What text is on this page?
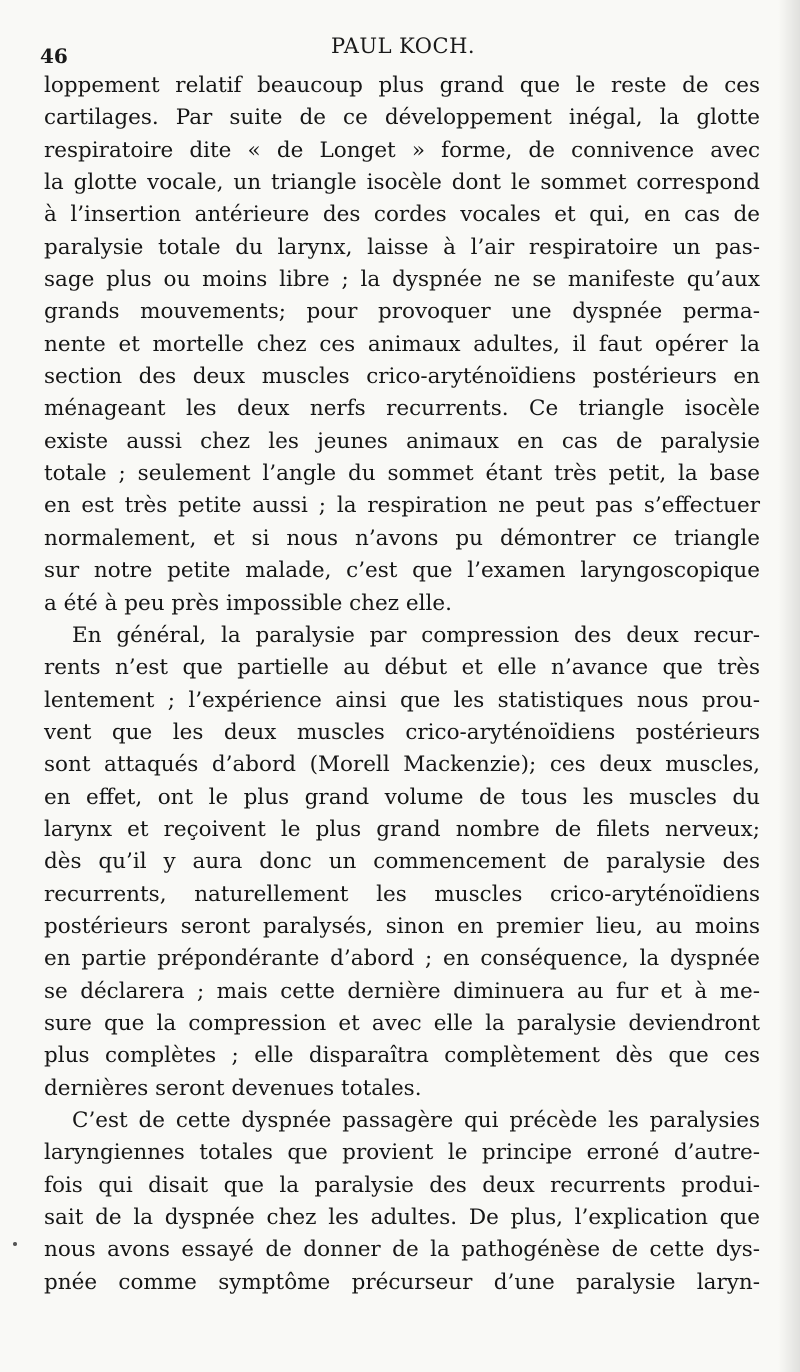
46	PAUL KOCH.
loppement relatif beaucoup plus grand que le reste de ces
cartilages. Par suite de ce développement inégal, la glotte
respiratoire dite « de Longet » forme, de connivence avec
la glotte vocale, un triangle isocèle dont le sommet correspond
à l’insertion antérieure des cordes vocales et qui, en cas de
paralysie totale du larynx, laisse à l’air respiratoire un pas-
sage plus ou moins libre ; la dyspnée ne se manifeste qu’aux
grands mouvements; pour provoquer une dyspnée perma-
nente et mortelle chez ces animaux adultes, il faut opérer la
section des deux muscles crico-aryténoïdiens postérieurs en
ménageant les deux nerfs recurrents. Ce triangle isocèle
existe aussi chez les jeunes animaux en cas de paralysie
totale ; seulement l’angle du sommet étant très petit, la base
en est très petite aussi ; la respiration ne peut pas s’effectuer
normalement, et si nous n’avons pu démontrer ce triangle
sur notre petite malade, c’est que l’examen laryngoscopique
a été à peu près impossible chez elle.
En général, la paralysie par compression des deux recur-
rents n’est que partielle au début et elle n’avance que très
lentement ; l’expérience ainsi que les statistiques nous prou-
vent que les deux muscles crico-aryténoïdiens postérieurs
sont attaqués d’abord (Morell Mackenzie); ces deux muscles,
en effet, ont le plus grand volume de tous les muscles du
larynx et reçoivent le plus grand nombre de filets nerveux;
dès qu’il y aura donc un commencement de paralysie des
recurrents, naturellement les muscles crico-aryténoïdiens
postérieurs seront paralysés, sinon en premier lieu, au moins
en partie prépondérante d’abord ; en conséquence, la dyspnée
se déclarera ; mais cette dernière diminuera au fur et à me-
sure que la compression et avec elle la paralysie deviendront
plus complètes ; elle disparaîtra complètement dès que ces
dernières seront devenues totales.
C’est de cette dyspnée passagère qui précède les paralysies
laryngiennes totales que provient le principe erroné d’autre-
fois qui disait que la paralysie des deux recurrents produi-
sait de la dyspnée chez les adultes. De plus, l’explication que
nous avons essayé de donner de la pathogénèse de cette dys-
pnée comme symptôme précurseur d’une paralysie laryn-
